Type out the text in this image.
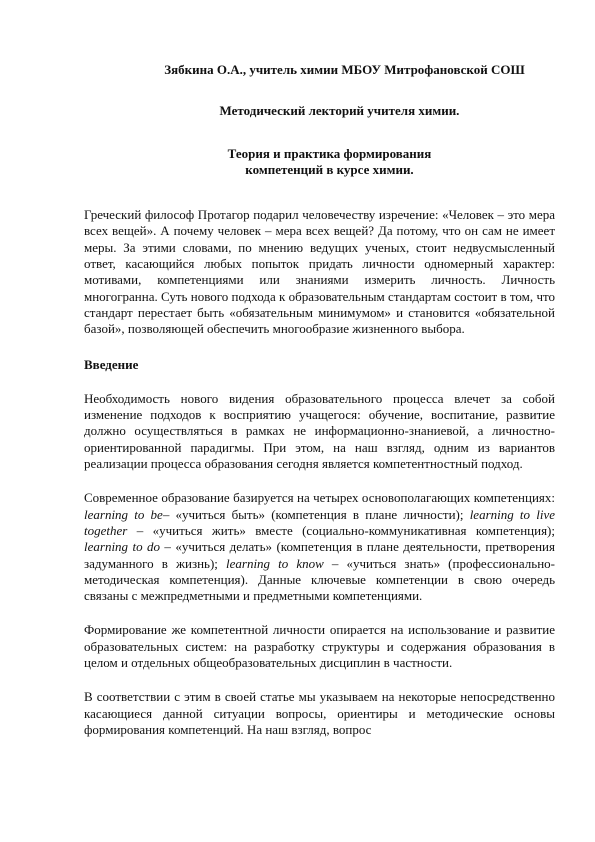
Зябкина О.А., учитель химии МБОУ Митрофановской СОШ

Методический лекторий учителя химии.

Теория и практика формирования
компетенций в курсе химии.

Греческий философ Протагор подарил человечеству изречение: «Человек – это мера всех вещей». А почему человек – мера всех вещей? Да потому, что он сам не имеет меры. За этими словами, по мнению ведущих ученых, стоит недвусмысленный ответ, касающийся любых попыток придать личности одномерный характер: мотивами, компетенциями или знаниями измерить личность. Личность многогранна. Суть нового подхода к образовательным стандартам состоит в том, что стандарт перестает быть «обязательным минимумом» и становится «обязательной базой», позволяющей обеспечить многообразие жизненного выбора.

Введение

Необходимость нового видения образовательного процесса влечет за собой изменение подходов к восприятию учащегося: обучение, воспитание, развитие должно осуществляться в рамках не информационно-знаниевой, а личностно-ориентированной парадигмы. При этом, на наш взгляд, одним из вариантов реализации процесса образования сегодня является компетентностный подход.

Современное образование базируется на четырех основополагающих компетенциях: learning to be– «учиться быть» (компетенция в плане личности); learning to live together – «учиться жить» вместе (социально-коммуникативная компетенция); learning to do – «учиться делать» (компетенция в плане деятельности, претворения задуманного в жизнь); learning to know – «учиться знать» (профессионально-методическая компетенция). Данные ключевые компетенции в свою очередь связаны с межпредметными и предметными компетенциями.

Формирование же компетентной личности опирается на использование и развитие образовательных систем: на разработку структуры и содержания образования в целом и отдельных общеобразовательных дисциплин в частности.

В соответствии с этим в своей статье мы указываем на некоторые непосредственно касающиеся данной ситуации вопросы, ориентиры и методические основы формирования компетенций. На наш взгляд, вопрос
